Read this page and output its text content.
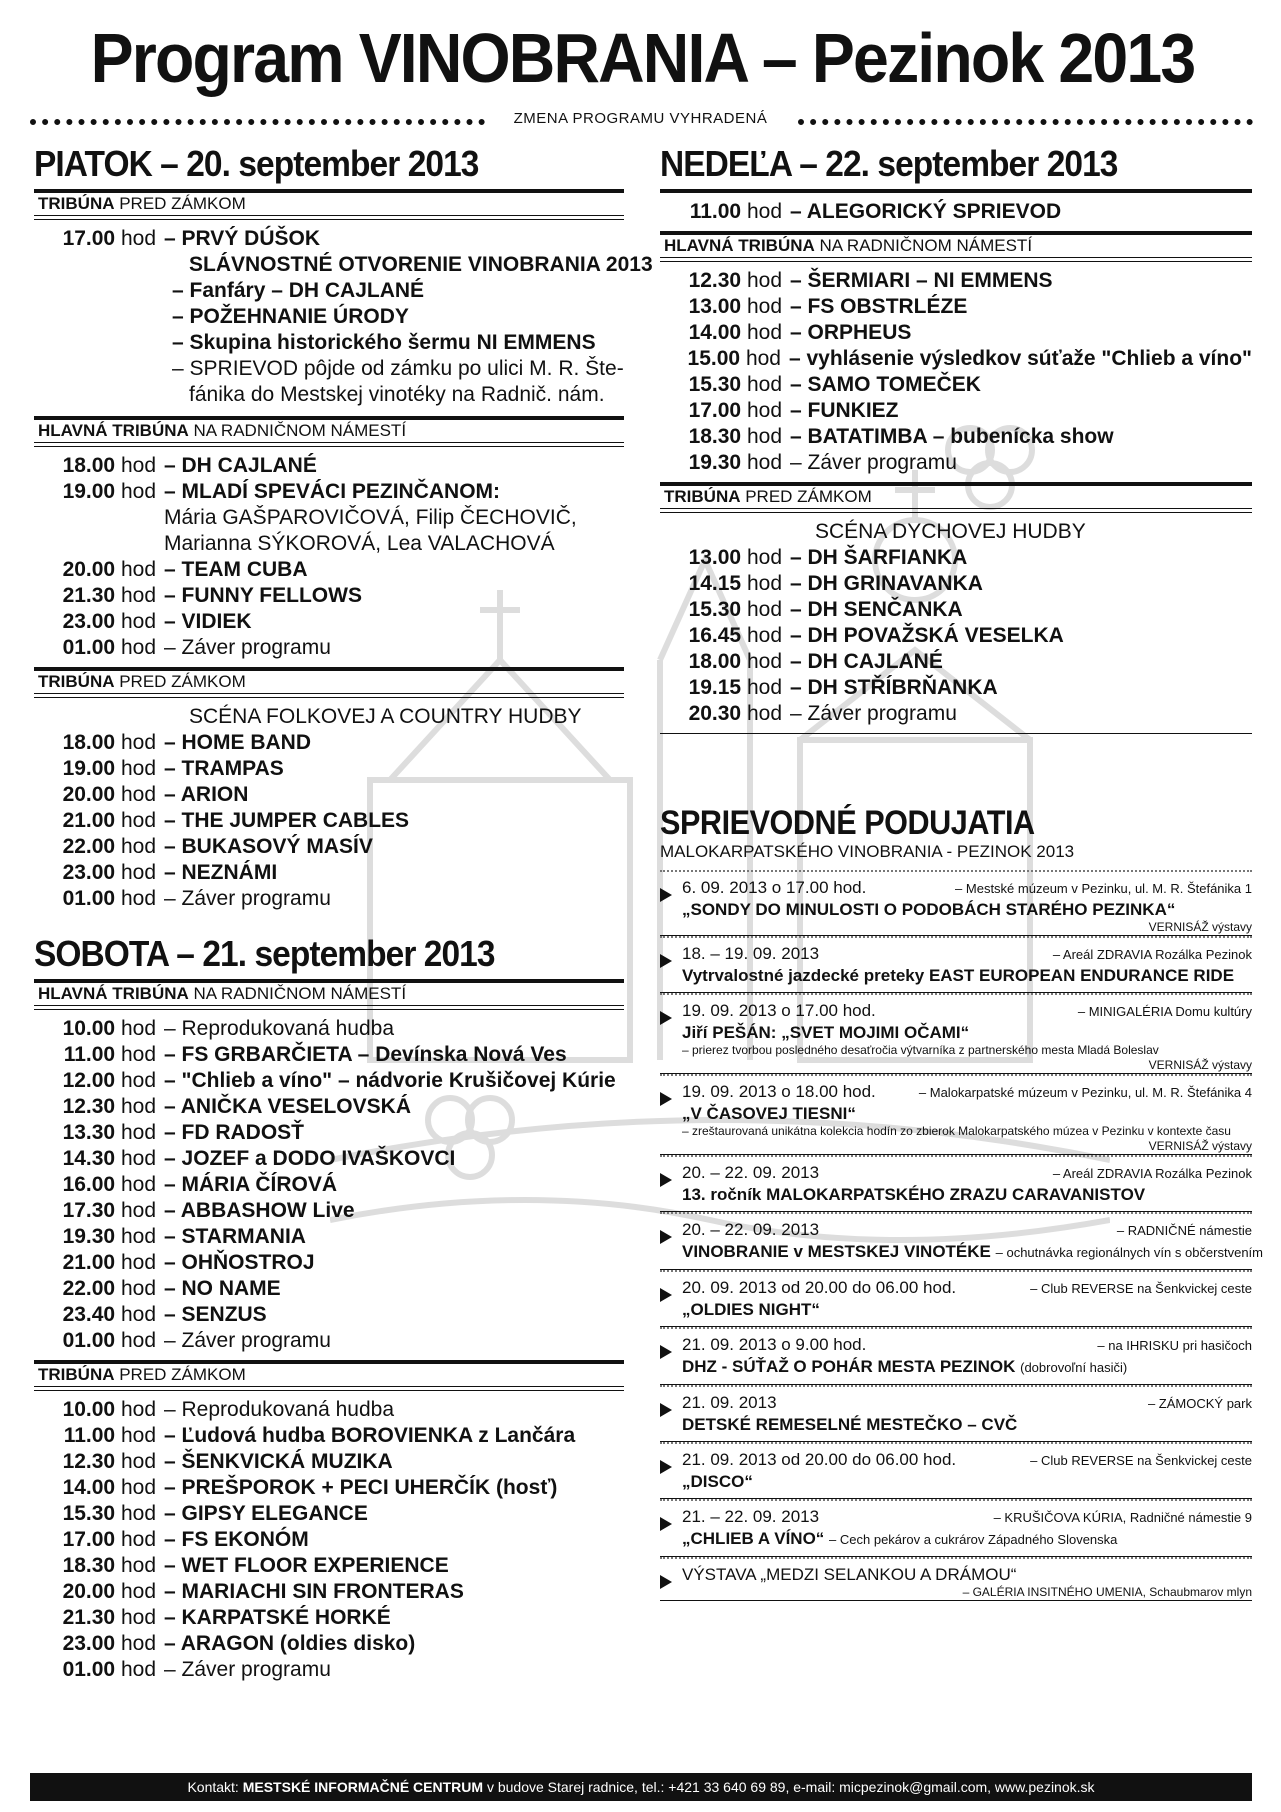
Program VINOBRANIA – Pezinok 2013
ZMENA PROGRAMU VYHRADENÁ
PIATOK – 20. september 2013
TRIBÚNA PRED ZÁMKOM
17.00 hod – PRVÝ DÚŠOK
SLÁVNOSTNÉ OTVORENIE VINOBRANIA 2013
– Fanfáry – DH CAJLANÉ
– POŽEHNANIE ÚRODY
– Skupina historického šermu NI EMMENS
– SPRIEVOD pôjde od zámku po ulici M. R. Šte-
fánika do Mestskej vinotéky na Radnič. nám.
HLAVNÁ TRIBÚNA NA RADNIČNOM NÁMESTÍ
18.00 hod – DH CAJLANÉ
19.00 hod – MLADÍ SPEVÁCI PEZINČANOM:
Mária GAŠPAROVIČOVÁ, Filip ČECHOVIČ,
Marianna SÝKOROVÁ, Lea VALACHOVÁ
20.00 hod – TEAM CUBA
21.30 hod – FUNNY FELLOWS
23.00 hod – VIDIEK
01.00 hod – Záver programu
TRIBÚNA PRED ZÁMKOM
SCÉNA FOLKOVEJ A COUNTRY HUDBY
18.00 hod – HOME BAND
19.00 hod – TRAMPAS
20.00 hod – ARION
21.00 hod – THE JUMPER CABLES
22.00 hod – BUKASOVÝ MASÍV
23.00 hod – NEZNÁMI
01.00 hod – Záver programu
SOBOTA – 21. september 2013
HLAVNÁ TRIBÚNA NA RADNIČNOM NÁMESTÍ
10.00 hod – Reprodukovaná hudba
11.00 hod – FS GRBARČIETA – Devínska Nová Ves
12.00 hod – "Chlieb a víno" – nádvorie Krušičovej Kúrie
12.30 hod – ANIČKA VESELOVSKÁ
13.30 hod – FD RADOSŤ
14.30 hod – JOZEF a DODO IVAŠKOVCI
16.00 hod – MÁRIA ČÍROVÁ
17.30 hod – ABBASHOW Live
19.30 hod – STARMANIA
21.00 hod – OHŇOSTROJ
22.00 hod – NO NAME
23.40 hod – SENZUS
01.00 hod – Záver programu
TRIBÚNA PRED ZÁMKOM
10.00 hod – Reprodukovaná hudba
11.00 hod – Ľudová hudba BOROVIENKA z Lančára
12.30 hod – ŠENKVICKÁ MUZIKA
14.00 hod – PREŠPOROK + PECI UHERČÍK (hosť)
15.30 hod – GIPSY ELEGANCE
17.00 hod – FS EKONÓM
18.30 hod – WET FLOOR EXPERIENCE
20.00 hod – MARIACHI SIN FRONTERAS
21.30 hod – KARPATSKÉ HORKÉ
23.00 hod – ARAGON (oldies disko)
01.00 hod – Záver programu
NEDEĽA – 22. september 2013
11.00 hod – ALEGORICKÝ SPRIEVOD
HLAVNÁ TRIBÚNA NA RADNIČNOM NÁMESTÍ
12.30 hod – ŠERMIARI – NI EMMENS
13.00 hod – FS OBSTRLÉZE
14.00 hod – ORPHEUS
15.00 hod – vyhlásenie výsledkov súťaže "Chlieb a víno"
15.30 hod – SAMO TOMEČEK
17.00 hod – FUNKIEZ
18.30 hod – BATATIMBA – bubenícka show
19.30 hod – Záver programu
TRIBÚNA PRED ZÁMKOM
SCÉNA DYCHOVEJ HUDBY
13.00 hod – DH ŠARFIANKA
14.15 hod – DH GRINAVANKA
15.30 hod – DH SENČANKA
16.45 hod – DH POVAŽSKÁ VESELKA
18.00 hod – DH CAJLANÉ
19.15 hod – DH STŘÍBRŇANKA
20.30 hod – Záver programu
SPRIEVODNÉ PODUJATIA
MALOKARPATSKÉHO VINOBRANIA - PEZINOK 2013
6. 09. 2013 o 17.00 hod.	– Mestské múzeum v Pezinku, ul. M. R. Štefánika 1
„SONDY DO MINULOSTI O PODOBÁCH STARÉHO PEZINKA“
VERNISÁŽ výstavy
18. – 19. 09. 2013	– Areál ZDRAVIA Rozálka Pezinok
Vytrvalostné jazdecké preteky EAST EUROPEAN ENDURANCE RIDE
19. 09. 2013 o 17.00 hod.	– MINIGALÉRIA Domu kultúry
Jiří PEŠÁN: „SVET MOJIMI OČAMI“
– prierez tvorbou posledného desaťročia výtvarníka z partnerského mesta Mladá Boleslav
VERNISÁŽ výstavy
19. 09. 2013 o 18.00 hod.	– Malokarpatské múzeum v Pezinku, ul. M. R. Štefánika 4
„V ČASOVEJ TIESNI“
– zreštaurovaná unikátna kolekcia hodín zo zbierok Malokarpatského múzea v Pezinku v kontexte času
VERNISÁŽ výstavy
20. – 22. 09. 2013	– Areál ZDRAVIA Rozálka Pezinok
13. ročník MALOKARPATSKÉHO ZRAZU CARAVANISTOV
20. – 22. 09. 2013	– RADNIČNÉ námestie
VINOBRANIE v MESTSKEJ VINOTÉKE – ochutnávka regionálnych vín s občerstvením
20. 09. 2013 od 20.00 do 06.00 hod.	– Club REVERSE na Šenkvickej ceste
„OLDIES NIGHT“
21. 09. 2013 o 9.00 hod.	– na IHRISKU pri hasičoch
DHZ - SÚŤAŽ O POHÁR MESTA PEZINOK (dobrovoľní hasiči)
21. 09. 2013	– ZÁMOCKÝ park
DETSKÉ REMESELNÉ MESTEČKO – CVČ
21. 09. 2013 od 20.00 do 06.00 hod.	– Club REVERSE na Šenkvickej ceste
„DISCO“
21. – 22. 09. 2013	– KRUŠIČOVA KÚRIA, Radničné námestie 9
„CHLIEB A VÍNO“ – Cech pekárov a cukrárov Západného Slovenska
VÝSTAVA „MEDZI SELANKOU A DRÁMOU“
– GALÉRIA INSITNÉHO UMENIA, Schaubmarov mlyn
Kontakt: MESTSKÉ INFORMAČNÉ CENTRUM v budove Starej radnice, tel.: +421 33 640 69 89, e-mail: micpezinok@gmail.com, www.pezinok.sk
